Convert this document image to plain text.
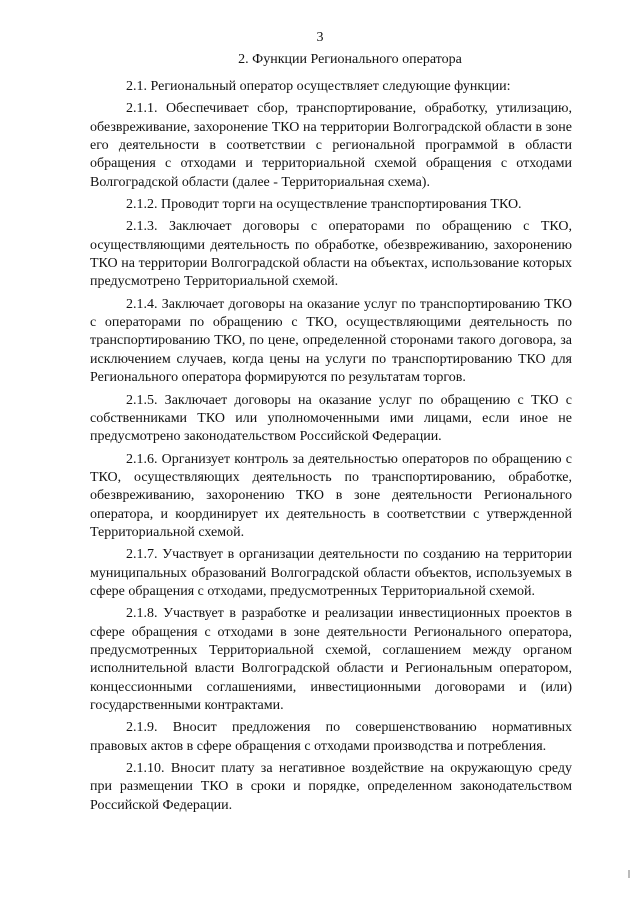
3
2. Функции Регионального оператора

2.1. Региональный оператор осуществляет следующие функции:

2.1.1. Обеспечивает сбор, транспортирование, обработку, утилизацию, обезвреживание, захоронение ТКО на территории Волгоградской области в зоне его деятельности в соответствии с региональной программой в области обращения с отходами и территориальной схемой обращения с отходами Волгоградской области (далее - Территориальная схема).

2.1.2. Проводит торги на осуществление транспортирования ТКО.

2.1.3. Заключает договоры с операторами по обращению с ТКО, осуществляющими деятельность по обработке, обезвреживанию, захоронению ТКО на территории Волгоградской области на объектах, использование которых предусмотрено Территориальной схемой.

2.1.4. Заключает договоры на оказание услуг по транспортированию ТКО с операторами по обращению с ТКО, осуществляющими деятельность по транспортированию ТКО, по цене, определенной сторонами такого договора, за исключением случаев, когда цены на услуги по транспортированию ТКО для Регионального оператора формируются по результатам торгов.

2.1.5. Заключает договоры на оказание услуг по обращению с ТКО с собственниками ТКО или уполномоченными ими лицами, если иное не предусмотрено законодательством Российской Федерации.

2.1.6. Организует контроль за деятельностью операторов по обращению с ТКО, осуществляющих деятельность по транспортированию, обработке, обезвреживанию, захоронению ТКО в зоне деятельности Регионального оператора, и координирует их деятельность в соответствии с утвержденной Территориальной схемой.

2.1.7. Участвует в организации деятельности по созданию на территории муниципальных образований Волгоградской области объектов, используемых в сфере обращения с отходами, предусмотренных Территориальной схемой.

2.1.8. Участвует в разработке и реализации инвестиционных проектов в сфере обращения с отходами в зоне деятельности Регионального оператора, предусмотренных Территориальной схемой, соглашением между органом исполнительной власти Волгоградской области и Региональным оператором, концессионными соглашениями, инвестиционными договорами и (или) государственными контрактами.

2.1.9. Вносит предложения по совершенствованию нормативных правовых актов в сфере обращения с отходами производства и потребления.

2.1.10. Вносит плату за негативное воздействие на окружающую среду при размещении ТКО в сроки и порядке, определенном законодательством Российской Федерации.
